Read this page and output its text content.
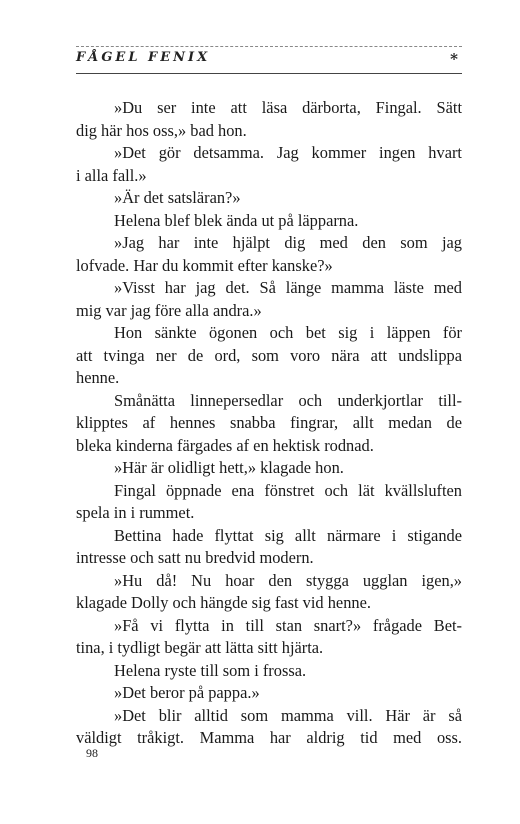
FÅGEL FENIX	*

»Du ser inte att läsa därborta, Fingal. Sätt
dig här hos oss,» bad hon.

»Det gör detsamma. Jag kommer ingen hvart
i alla fall.»

»Är det satsläran?»

Helena blef blek ända ut på läpparna.

»Jag har inte hjälpt dig med den som jag
lofvade. Har du kommit efter kanske?»

»Visst har jag det. Så länge mamma läste med
mig var jag före alla andra.»

Hon sänkte ögonen och bet sig i läppen för
att tvinga ner de ord, som voro nära att undslippa
henne.

Smånätta linnepersedlar och underkjortlar till-
klipptes af hennes snabba fingrar, allt medan de
bleka kinderna färgades af en hektisk rodnad.

»Här är olidligt hett,» klagade hon.

Fingal öppnade ena fönstret och lät kvällsluften
spela in i rummet.

Bettina hade flyttat sig allt närmare i stigande
intresse och satt nu bredvid modern.

»Hu då! Nu hoar den stygga ugglan igen,»
klagade Dolly och hängde sig fast vid henne.

»Få vi flytta in till stan snart?» frågade Bet-
tina, i tydligt begär att lätta sitt hjärta.

Helena ryste till som i frossa.

»Det beror på pappa.»

»Det blir alltid som mamma vill. Här är så
väldigt tråkigt. Mamma har aldrig tid med oss.

98
